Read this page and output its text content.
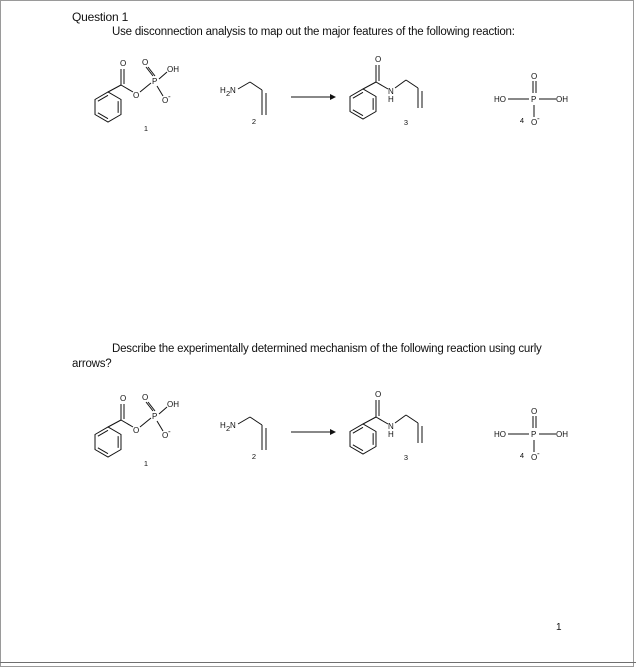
Question 1
Use disconnection analysis to map out the major features of the following reaction:
O
O
P
O
OH
O -
1
H 2 N
2
O
N
H
3
P
HO	OH
O
O -
4
Describe the experimentally determined mechanism of the following reaction using curly arrows?
O
O
P
O
OH
O -
1
H 2 N
2
O
N
H
3
P
HO	OH
O
O -
4
1
